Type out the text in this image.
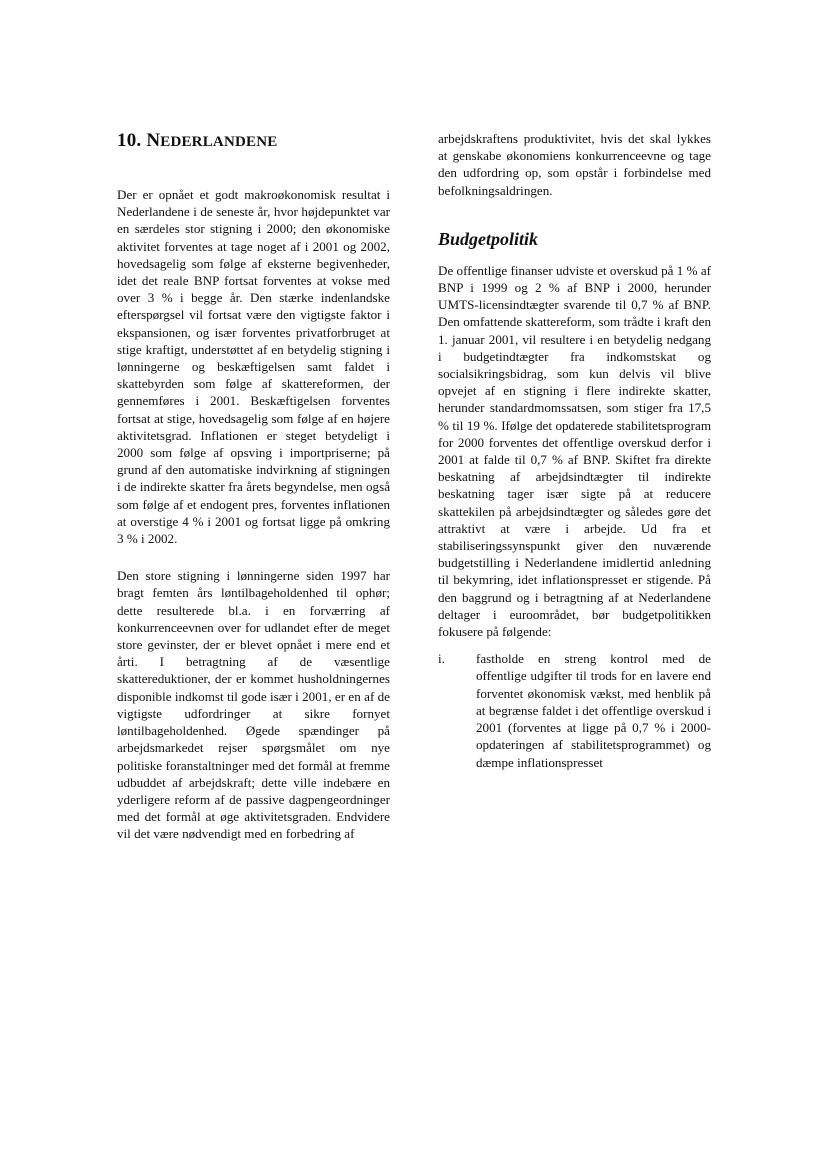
10. NEDERLANDENE

Der er opnået et godt makroøkonomisk resultat i Nederlandene i de seneste år, hvor højdepunktet var en særdeles stor stigning i 2000; den økonomiske aktivitet forventes at tage noget af i 2001 og 2002, hovedsagelig som følge af eksterne begivenheder, idet det reale BNP fortsat forventes at vokse med over 3 % i begge år. Den stærke indenlandske efterspørgsel vil fortsat være den vigtigste faktor i ekspansionen, og især forventes privatforbruget at stige kraftigt, understøttet af en betydelig stigning i lønningerne og beskæftigelsen samt faldet i skattebyrden som følge af skattereformen, der gennemføres i 2001. Beskæftigelsen forventes fortsat at stige, hovedsagelig som følge af en højere aktivitetsgrad. Inflationen er steget betydeligt i 2000 som følge af opsving i importpriserne; på grund af den automatiske indvirkning af stigningen i de indirekte skatter fra årets begyndelse, men også som følge af et endogent pres, forventes inflationen at overstige 4 % i 2001 og fortsat ligge på omkring 3 % i 2002.

Den store stigning i lønningerne siden 1997 har bragt femten års løntilbageholdenhed til ophør; dette resulterede bl.a. i en forværring af konkurrenceevnen over for udlandet efter de meget store gevinster, der er blevet opnået i mere end et årti. I betragtning af de væsentlige skattereduktioner, der er kommet husholdningernes disponible indkomst til gode især i 2001, er en af de vigtigste udfordringer at sikre fornyet løntilbageholdenhed. Øgede spændinger på arbejdsmarkedet rejser spørgsmålet om nye politiske foranstaltninger med det formål at fremme udbuddet af arbejdskraft; dette ville indebære en yderligere reform af de passive dagpengeordninger med det formål at øge aktivitetsgraden. Endvidere vil det være nødvendigt med en forbedring af

arbejdskraftens produktivitet, hvis det skal lykkes at genskabe økonomiens konkurrenceevne og tage den udfordring op, som opstår i forbindelse med befolkningsaldringen.

Budgetpolitik

De offentlige finanser udviste et overskud på 1 % af BNP i 1999 og 2 % af BNP i 2000, herunder UMTS-licensindtægter svarende til 0,7 % af BNP. Den omfattende skattereform, som trådte i kraft den 1. januar 2001, vil resultere i en betydelig nedgang i budgetindtægter fra indkomstskat og socialsikringsbidrag, som kun delvis vil blive opvejet af en stigning i flere indirekte skatter, herunder standardmomssatsen, som stiger fra 17,5 % til 19 %. Ifølge det opdaterede stabilitetsprogram for 2000 forventes det offentlige overskud derfor i 2001 at falde til 0,7 % af BNP. Skiftet fra direkte beskatning af arbejdsindtægter til indirekte beskatning tager især sigte på at reducere skattekilen på arbejdsindtægter og således gøre det attraktivt at være i arbejde. Ud fra et stabiliseringssynspunkt giver den nuværende budgetstilling i Nederlandene imidlertid anledning til bekymring, idet inflationspresset er stigende. På den baggrund og i betragtning af at Nederlandene deltager i euroområdet, bør budgetpolitikken fokusere på følgende:

i.	fastholde en streng kontrol med de offentlige udgifter til trods for en lavere end forventet økonomisk vækst, med henblik på at begrænse faldet i det offentlige overskud i 2001 (forventes at ligge på 0,7 % i 2000-opdateringen af stabilitetsprogrammet) og dæmpe inflationspresset
